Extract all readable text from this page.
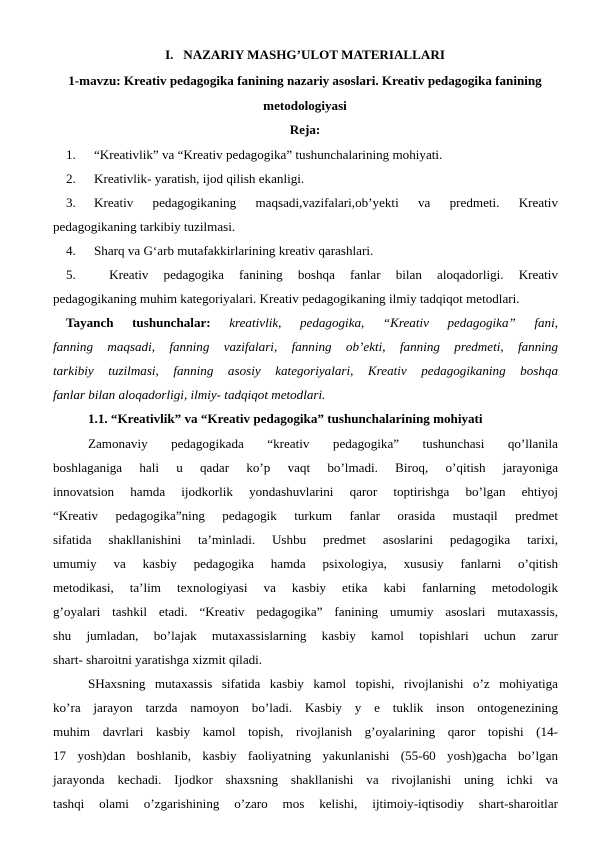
I.   NAZARIY MASHG’ULOT MATERIALLARI
1-mavzu: Kreativ pedagogika fanining nazariy asoslari. Kreativ pedagogika fanining
metodologiyasi
Reja:
1. “Kreativlik” va “Kreativ pedagogika” tushunchalarining mohiyati.
2. Kreativlik- yaratish, ijod qilish ekanligi.
3. Kreativ pedagogikaning maqsadi,vazifalari,ob’yekti va predmeti. Kreativ
pedagogikaning tarkibiy tuzilmasi.
4. Sharq va G‘arb mutafakkirlarining kreativ qarashlari.
5. Kreativ pedagogika fanining boshqa fanlar bilan aloqadorligi. Kreativ
pedagogikaning muhim kategoriyalari. Kreativ pedagogikaning ilmiy tadqiqot metodlari.
Tayanch tushunchalar: kreativlik, pedagogika, “Kreativ pedagogika” fani,
fanning maqsadi, fanning vazifalari, fanning ob’ekti, fanning predmeti, fanning
tarkibiy tuzilmasi, fanning asosiy kategoriyalari, Kreativ pedagogikaning boshqa
fanlar bilan aloqadorligi, ilmiy- tadqiqot metodlari.
1.1. “Kreativlik” va “Kreativ pedagogika” tushunchalarining mohiyati
Zamonaviy pedagogikada “kreativ pedagogika” tushunchasi qo’llanila
boshlaganiga hali u qadar ko’p vaqt bo’lmadi. Biroq, o’qitish jarayoniga
innovatsion hamda ijodkorlik yondashuvlarini qaror toptirishga bo’lgan ehtiyoj
“Kreativ pedagogika”ning pedagogik turkum fanlar orasida mustaqil predmet
sifatida shakllanishini ta’minladi. Ushbu predmet asoslarini pedagogika tarixi,
umumiy va kasbiy pedagogika hamda psixologiya, xususiy fanlarni o’qitish
metodikasi, ta’lim texnologiyasi va kasbiy etika kabi fanlarning metodologik
g’oyalari tashkil etadi. “Kreativ pedagogika” fanining umumiy asoslari mutaxassis,
shu jumladan, bo’lajak mutaxassislarning kasbiy kamol topishlari uchun zarur
shart- sharoitni yaratishga xizmit qiladi.
SHaxsning mutaxassis sifatida kasbiy kamol topishi, rivojlanishi o’z mohiyatiga
ko’ra jarayon tarzda namoyon bo’ladi. Kasbiy y e tuklik inson ontogenezining
muhim davrlari kasbiy kamol topish, rivojlanish g’oyalarining qaror topishi (14-
17 yosh)dan boshlanib, kasbiy faoliyatning yakunlanishi (55-60 yosh)gacha bo’lgan
jarayonda kechadi. Ijodkor shaxsning shakllanishi va rivojlanishi uning ichki va
tashqi olami o’zgarishining o’zaro mos kelishi, ijtimoiy-iqtisodiy shart-sharoitlar
